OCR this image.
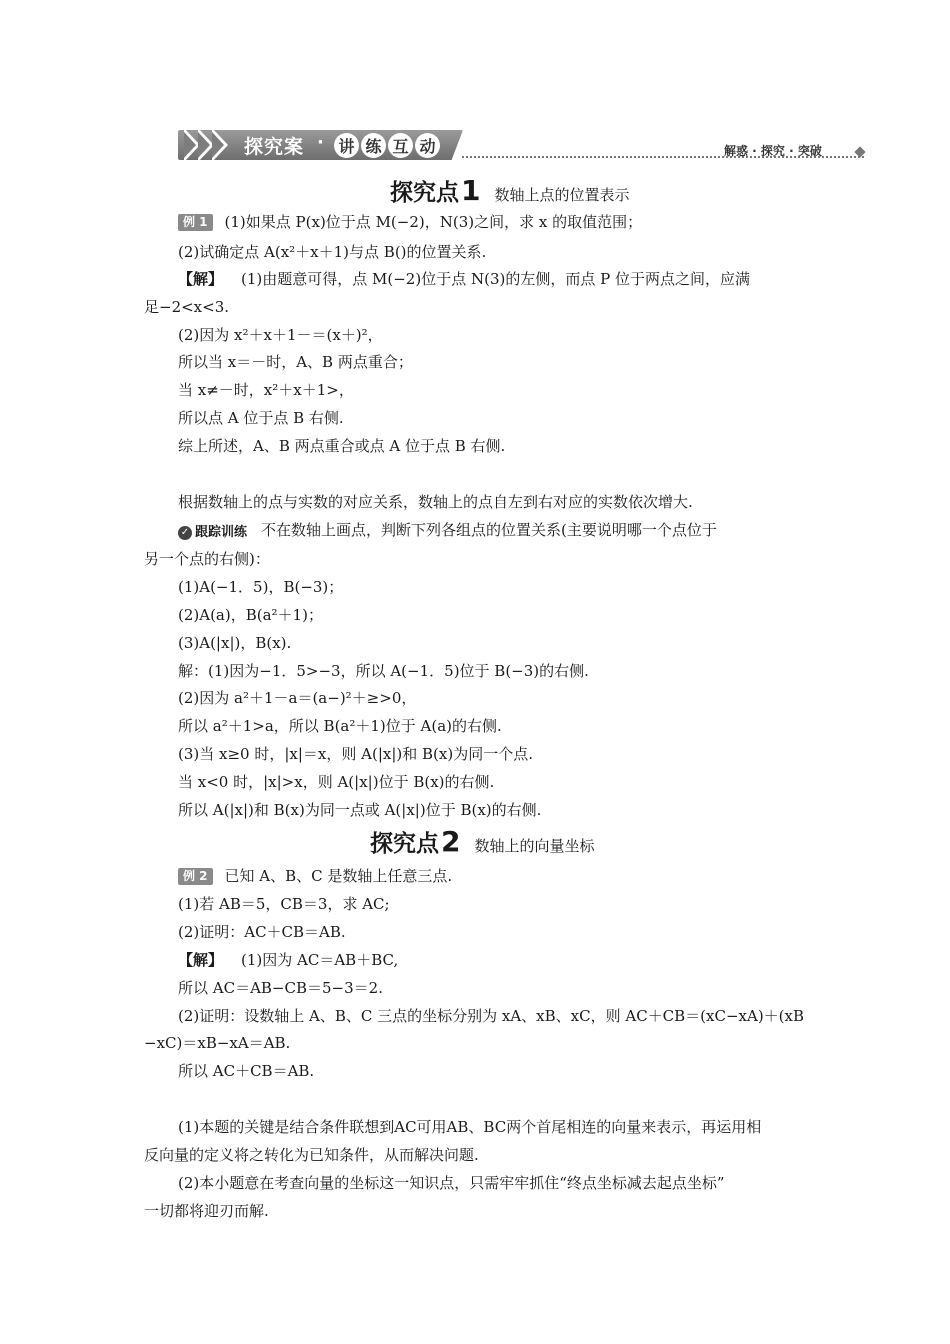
探究案 · 讲 练 互 动	解惑 · 探究 · 突破
探究点1 数轴上点的位置表示
例 1 (1)如果点 P(x)位于点 M(−2)，N(3)之间，求 x 的取值范围；
(2)试确定点 A(x²＋x＋1)与点 B()的位置关系.
【解】 (1)由题意可得，点 M(−2)位于点 N(3)的左侧，而点 P 位于两点之间，应满
足−2<x<3.
(2)因为 x²＋x＋1－＝(x＋)²，
所以当 x＝－时，A、B 两点重合；
当 x≠－时，x²＋x＋1>，
所以点 A 位于点 B 右侧.
综上所述，A、B 两点重合或点 A 位于点 B 右侧.
根据数轴上的点与实数的对应关系，数轴上的点自左到右对应的实数依次增大.
✓ 跟踪训练 不在数轴上画点，判断下列各组点的位置关系(主要说明哪一个点位于
另一个点的右侧)：
(1)A(−1．5)，B(−3)；
(2)A(a)，B(a²＋1)；
(3)A(|x|)，B(x).
解：(1)因为−1．5>−3，所以 A(−1．5)位于 B(−3)的右侧.
(2)因为 a²＋1－a＝(a−)²＋≥>0，
所以 a²＋1>a，所以 B(a²＋1)位于 A(a)的右侧.
(3)当 x≥0 时，|x|＝x，则 A(|x|)和 B(x)为同一个点.
当 x<0 时，|x|>x，则 A(|x|)位于 B(x)的右侧.
所以 A(|x|)和 B(x)为同一点或 A(|x|)位于 B(x)的右侧.
探究点2 数轴上的向量坐标
例 2 已知 A、B、C 是数轴上任意三点.
(1)若 AB＝5，CB＝3，求 AC;
(2)证明：AC＋CB＝AB.
【解】 (1)因为 AC＝AB＋BC,
所以 AC＝AB−CB＝5−3＝2.
(2)证明：设数轴上 A、B、C 三点的坐标分别为 xA、xB、xC，则 AC＋CB＝(xC−xA)＋(xB
−xC)＝xB−xA＝AB.
所以 AC＋CB＝AB.
(1)本题的关键是结合条件联想到AC可用AB、BC两个首尾相连的向量来表示，再运用相
反向量的定义将之转化为已知条件，从而解决问题.
(2)本小题意在考查向量的坐标这一知识点，只需牢牢抓住“终点坐标减去起点坐标”
一切都将迎刃而解.
